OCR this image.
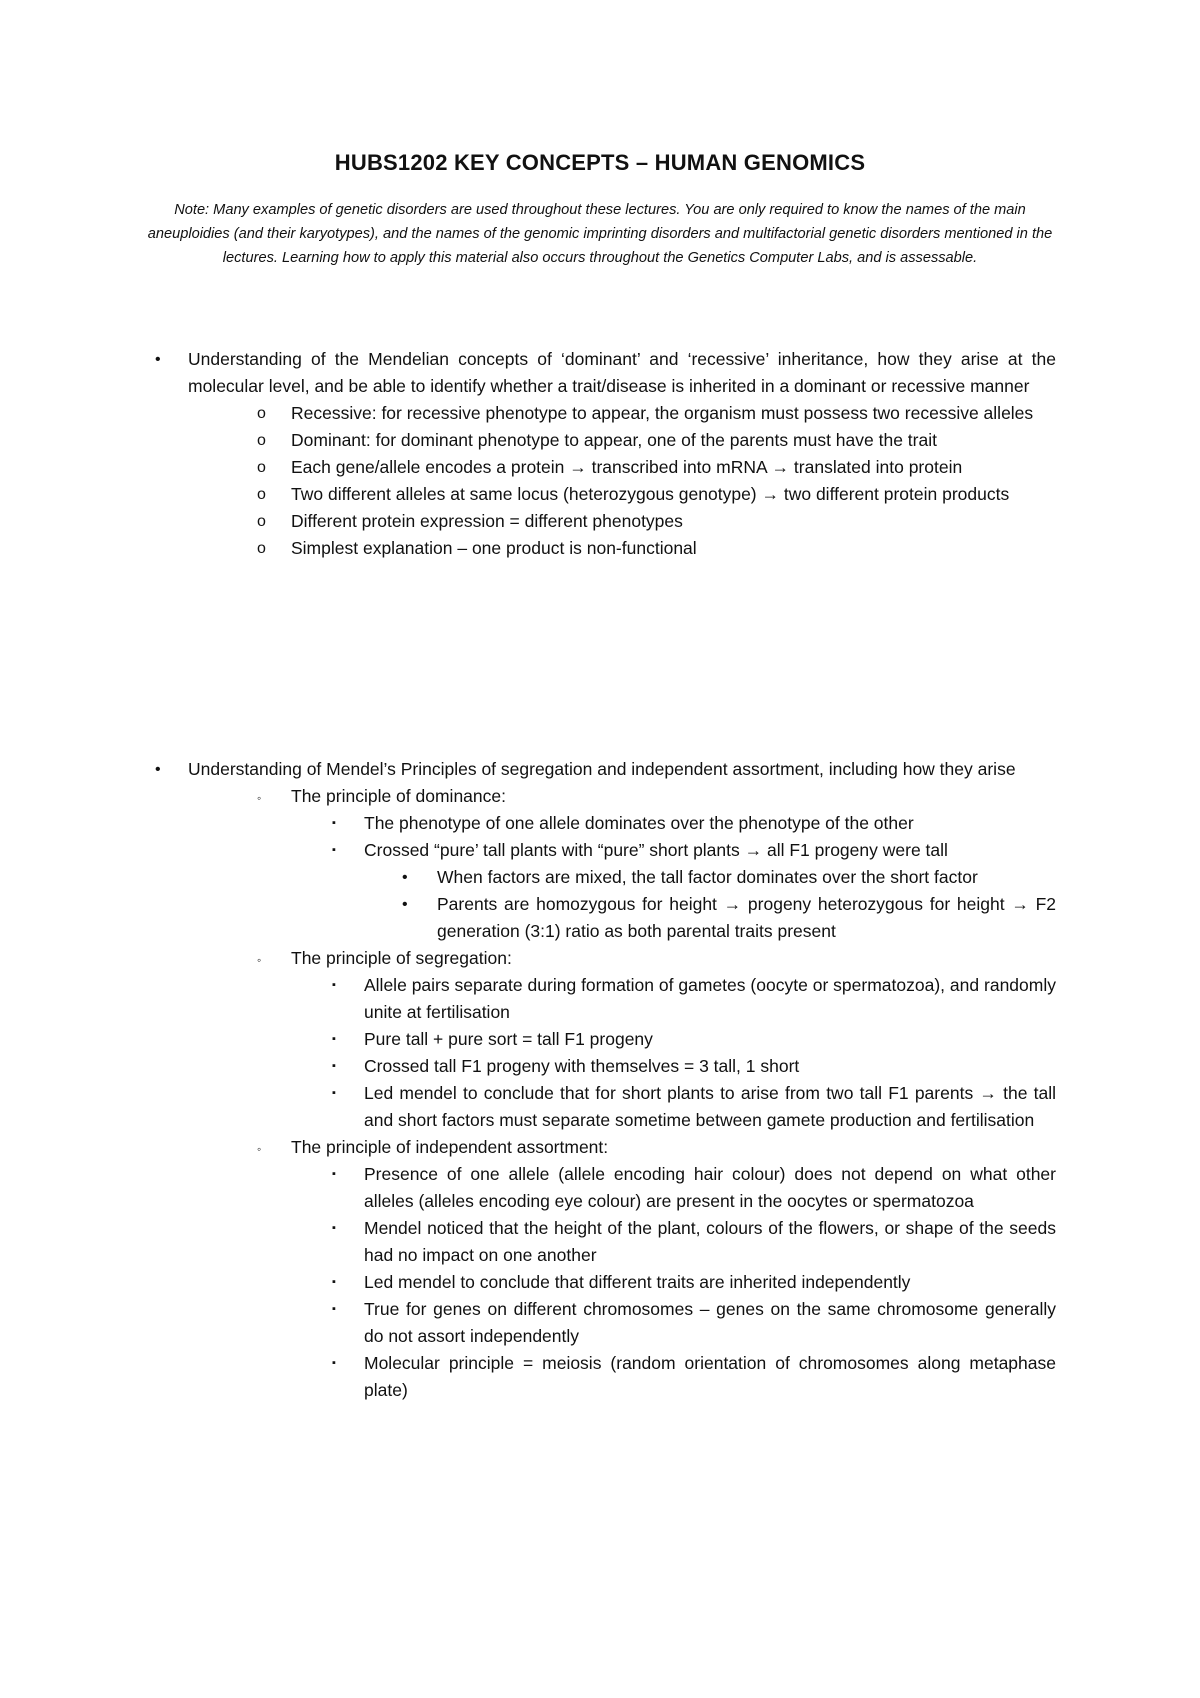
HUBS1202 KEY CONCEPTS – HUMAN GENOMICS
Note: Many examples of genetic disorders are used throughout these lectures. You are only required to know the names of the main aneuploidies (and their karyotypes), and the names of the genomic imprinting disorders and multifactorial genetic disorders mentioned in the lectures. Learning how to apply this material also occurs throughout the Genetics Computer Labs, and is assessable.
• Understanding of the Mendelian concepts of ‘dominant’ and ‘recessive’ inheritance, how they arise at the molecular level, and be able to identify whether a trait/disease is inherited in a dominant or recessive manner
o Recessive: for recessive phenotype to appear, the organism must possess two recessive alleles
o Dominant: for dominant phenotype to appear, one of the parents must have the trait
o Each gene/allele encodes a protein → transcribed into mRNA → translated into protein
o Two different alleles at same locus (heterozygous genotype) → two different protein products
o Different protein expression = different phenotypes
o Simplest explanation – one product is non-functional
• Understanding of Mendel’s Principles of segregation and independent assortment, including how they arise
◦ The principle of dominance:
▪ The phenotype of one allele dominates over the phenotype of the other
▪ Crossed “pure’ tall plants with “pure” short plants → all F1 progeny were tall
• When factors are mixed, the tall factor dominates over the short factor
• Parents are homozygous for height → progeny heterozygous for height → F2 generation (3:1) ratio as both parental traits present
◦ The principle of segregation:
▪ Allele pairs separate during formation of gametes (oocyte or spermatozoa), and randomly unite at fertilisation
▪ Pure tall + pure sort = tall F1 progeny
▪ Crossed tall F1 progeny with themselves = 3 tall, 1 short
▪ Led mendel to conclude that for short plants to arise from two tall F1 parents → the tall and short factors must separate sometime between gamete production and fertilisation
◦ The principle of independent assortment:
▪ Presence of one allele (allele encoding hair colour) does not depend on what other alleles (alleles encoding eye colour) are present in the oocytes or spermatozoa
▪ Mendel noticed that the height of the plant, colours of the flowers, or shape of the seeds had no impact on one another
▪ Led mendel to conclude that different traits are inherited independently
▪ True for genes on different chromosomes – genes on the same chromosome generally do not assort independently
▪ Molecular principle = meiosis (random orientation of chromosomes along metaphase plate)
